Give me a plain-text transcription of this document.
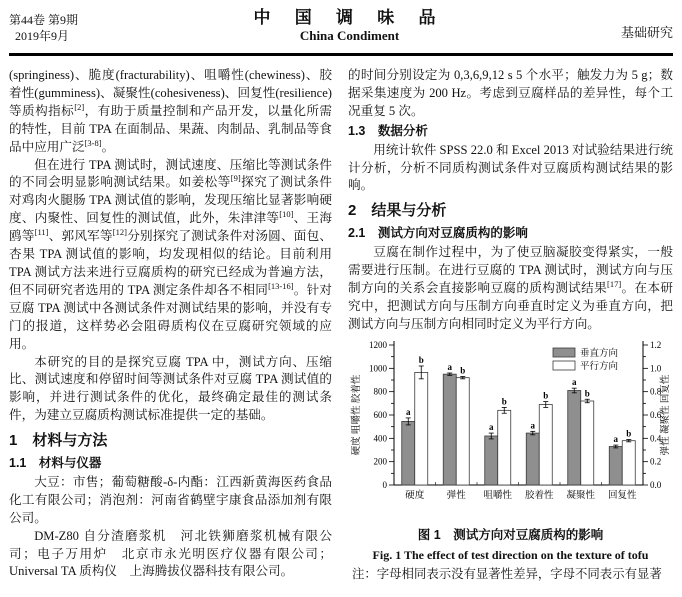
第44卷 第9期
2019年9月
中 国 调 味 品
China Condiment	基础研究

(springiness)、脆度(fracturability)、咀嚼性(chewiness)、胶着性(gumminess)、凝聚性(cohesiveness)、回复性(resilience)等质构指标[2]，有助于质量控制和产品开发，以量化所需的特性，目前 TPA 在面制品、果蔬、肉制品、乳制品等食品中应用广泛[3-8]。

但在进行 TPA 测试时，测试速度、压缩比等测试条件的不同会明显影响测试结果。如姜松等[9]探究了测试条件对鸡肉火腿肠 TPA 测试值的影响，发现压缩比显著影响硬度、内聚性、回复性的测试值，此外，朱津津等[10]、王海鸥等[11]、郭风军等[12]分别探究了测试条件对汤圆、面包、杏果 TPA 测试值的影响，均发现相似的结论。目前利用 TPA 测试方法来进行豆腐质构的研究已经成为普遍方法，但不同研究者选用的 TPA 测定条件却各不相同[13-16]。针对豆腐 TPA 测试中各测试条件对测试结果的影响，并没有专门的报道，这样势必会阻碍质构仪在豆腐研究领域的应用。

本研究的目的是探究豆腐 TPA 中，测试方向、压缩比、测试速度和停留时间等测试条件对豆腐 TPA 测试值的影响，并进行测试条件的优化，最终确定最佳的测试条件，为建立豆腐质构测试标准提供一定的基础。

1　材料与方法
1.1　材料与仪器

大豆：市售；葡萄糖酸-δ-内酯：江西新黄海医药食品化工有限公司；消泡剂：河南省鹤壁宇康食品添加剂有限公司。

DM-Z80 自分渣磨浆机　河北铁狮磨浆机械有限公司；电子万用炉　北京市永光明医疗仪器有限公司；Universal TA 质构仪　上海腾拔仪器科技有限公司。

的时间分别设定为 0,3,6,9,12 s 5 个水平；触发力为 5 g；数据采集速度为 200 Hz。考虑到豆腐样品的差异性，每个工况重复 5 次。

1.3　数据分析

用统计软件 SPSS 22.0 和 Excel 2013 对试验结果进行统计分析，分析不同质构测试条件对豆腐质构测试结果的影响。

2　结果与分析
2.1　测试方向对豆腐质构的影响

豆腐在制作过程中，为了使豆脑凝胶变得紧实，一般需要进行压制。在进行豆腐的 TPA 测试时，测试方向与压制方向的关系会直接影响豆腐的质构测试结果[17]。在本研究中，把测试方向与压制方向垂直时定义为垂直方向，把测试方向与压制方向相同时定义为平行方向。

0
200
400
600
800
1000
1200
0.0
0.2
0.4
0.6
0.8
1.0
1.2
硬度 咀嚼性 胶着性	弹性 凝聚性 回复性
硬度
a
b
弹性
a b
咀嚼性
a
b
胶着性
a
b
凝聚性
a
b
回复性
a
b
垂直方向
平行方向
图 1　测试方向对豆腐质构的影响
Fig. 1 The effect of test direction on the texture of tofu
注：字母相同表示没有显著性差异，字母不同表示有显著
